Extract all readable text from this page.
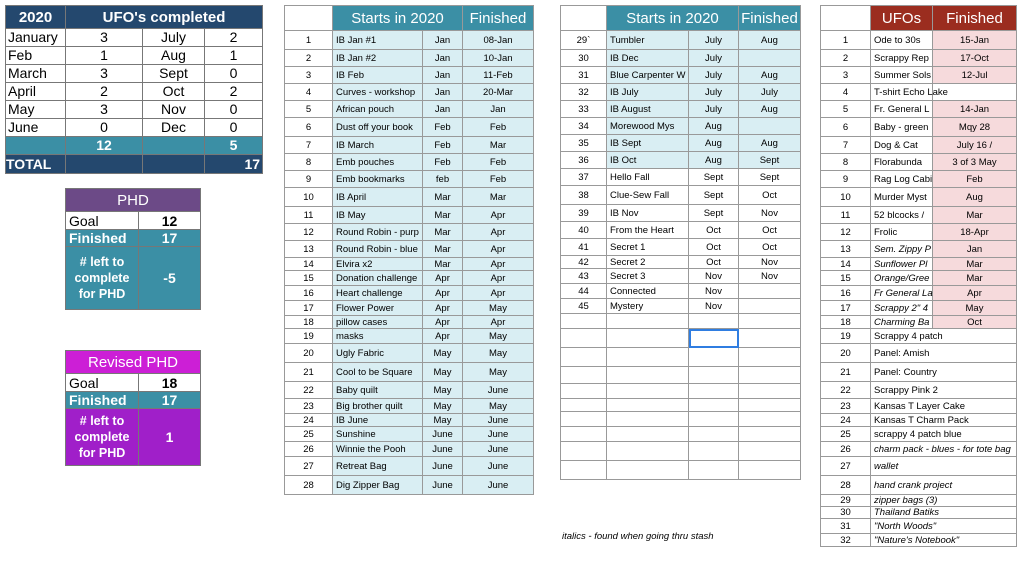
2020	UFO's completed		
January	3	July	2
Feb	1	Aug	1
March	3	Sept	0
April	2	Oct	2
May	3	Nov	0
June	0	Dec	0
	12		5
TOTAL			17
PHD	
Goal	12
Finished	17
# left to complete for PHD	-5
Revised PHD	
Goal	18
Finished	17
# left to complete for PHD	1
	Starts in 2020		Finished
1	IB Jan #1	Jan	08-Jan
2	IB Jan #2	Jan	10-Jan
3	IB Feb	Jan	11-Feb
4	Curves - workshop	Jan	20-Mar
5	African pouch	Jan	Jan
6	Dust off your book	Feb	Feb
7	IB March	Feb	Mar
8	Emb pouches	Feb	Feb
9	Emb bookmarks	feb	Feb
10	IB April	Mar	Mar
11	IB May	Mar	Apr
12	Round Robin - purp	Mar	Apr
13	Round Robin - blue	Mar	Apr
14	Elvira x2	Mar	Apr
15	Donation challenge	Apr	Apr
16	Heart challenge	Apr	Apr
17	Flower Power	Apr	May
18	pillow cases	Apr	Apr
19	masks	Apr	May
20	Ugly Fabric	May	May
21	Cool to be Square	May	May
22	Baby quilt	May	June
23	Big brother quilt	May	May
24	IB June	May	June
25	Sunshine	June	June
26	Winnie the Pooh	June	June
27	Retreat Bag	June	June
28	Dig Zipper Bag	June	June
	Starts in 2020		Finished
29`	Tumbler	July	Aug
30	IB Dec	July	
31	Blue Carpenter W	July	Aug
32	IB July	July	July
33	IB August	July	Aug
34	Morewood Mys	Aug	
35	IB Sept	Aug	Aug
36	IB Oct	Aug	Sept
37	Hello Fall	Sept	Sept
38	Clue-Sew Fall	Sept	Oct
39	IB Nov	Sept	Nov
40	From the Heart	Oct	Oct
41	Secret 1	Oct	Oct
42	Secret 2	Oct	Nov
43	Secret 3	Nov	Nov
44	Connected	Nov	
45	Mystery	Nov	

	UFOs	Finished
1	Ode to 30s	15-Jan
2	Scrappy Rep	17-Oct
3	Summer Sols	12-Jul
4	T-shirt Echo Lake	
5	Fr. General L	14-Jan
6	Baby - green	Mqy 28
7	Dog & Cat	July 16 /
8	Florabunda	3 of 3 May
9	Rag Log Cabi	Feb
10	Murder Myst	Aug
11	52 blcocks /	Mar
12	Frolic	18-Apr
13	Sem. Zippy P	Jan
14	Sunflower Pl	Mar
15	Orange/Gree	Mar
16	Fr General La	Apr
17	Scrappy 2" 4	May
18	Charming Ba	Oct
19	Scrappy 4 patch	
20	Panel: Amish	
21	Panel: Country	
22	Scrappy Pink 2	
23	Kansas T Layer Cake	
24	Kansas T Charm Pack	
25	scrappy 4 patch blue	
26	charm pack - blues - for tote bag	
27	wallet	
28	hand crank project	
29	zipper bags (3)	
30	Thailand Batiks	
31	"North Woods"	
32	"Nature's Notebook"	
italics - found when going thru stash
